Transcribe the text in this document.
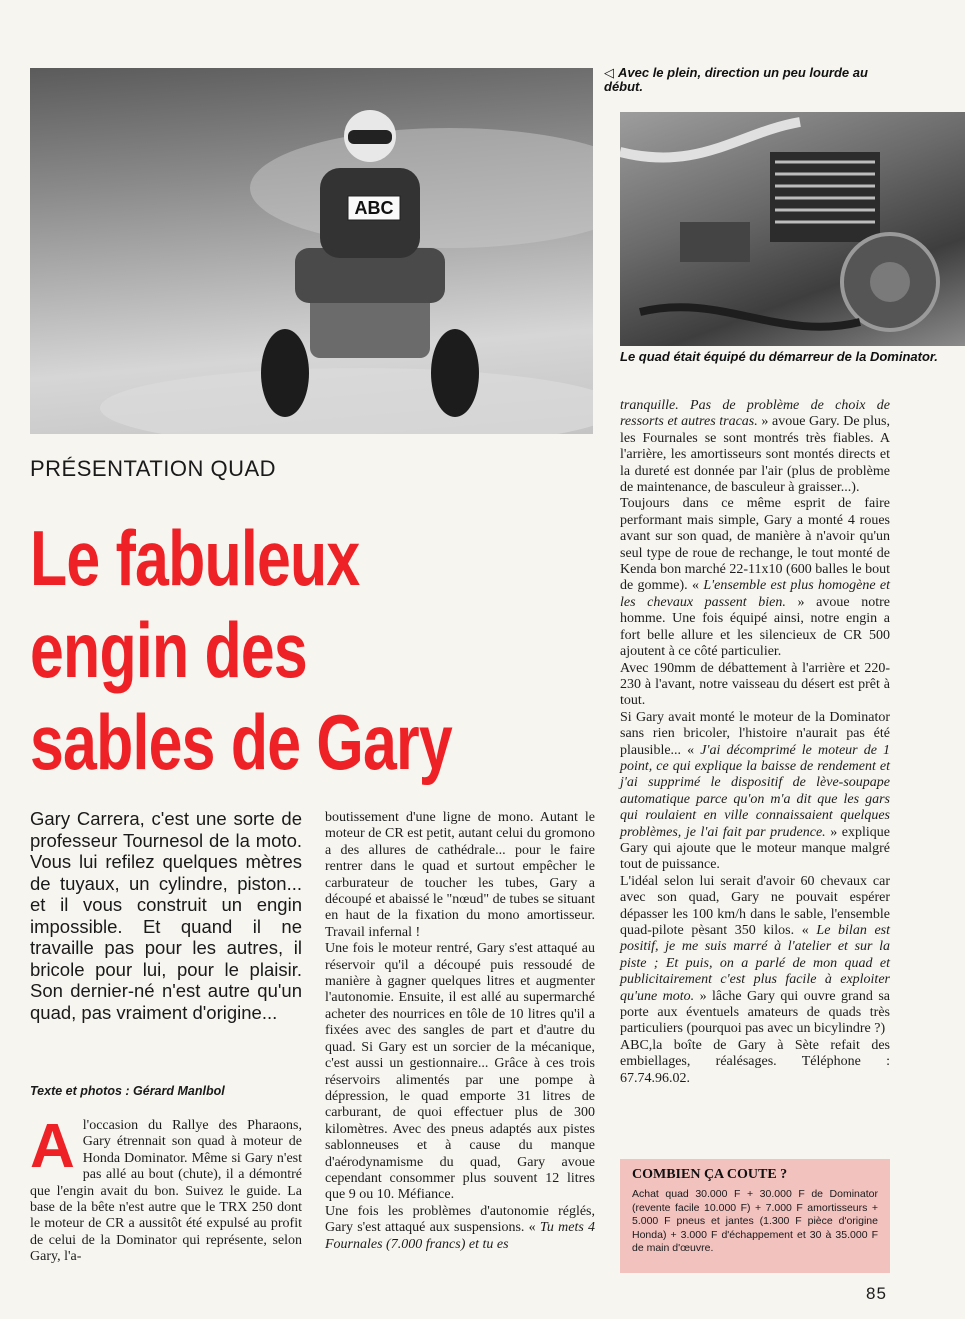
ABC
◁ Avec le plein, direction un peu lourde au début.
Le quad était équipé du démarreur de la Dominator.
PRÉSENTATION QUAD
Le fabuleux engin des sables de Gary
Gary Carrera, c'est une sorte de professeur Tournesol de la moto. Vous lui refilez quelques mètres de tuyaux, un cylindre, piston... et il vous construit un engin impossible. Et quand il ne travaille pas pour les autres, il bricole pour lui, pour le plaisir. Son dernier-né n'est autre qu'un quad, pas vraiment d'origine...
Texte et photos : Gérard Manlbol
A l'occasion du Rallye des Pharaons, Gary étrennait son quad à moteur de Honda Dominator. Même si Gary n'est pas allé au bout (chute), il a démontré que l'engin avait du bon. Suivez le guide. La base de la bête n'est autre que le TRX 250 dont le moteur de CR a aussitôt été expulsé au profit de celui de la Dominator qui représente, selon Gary, l'a-

boutissement d'une ligne de mono. Autant le moteur de CR est petit, autant celui du gromono a des allures de cathédrale... pour le faire rentrer dans le quad et surtout empêcher le carburateur de toucher les tubes, Gary a découpé et abaissé le "nœud" de tubes se situant en haut de la fixation du mono amortisseur. Travail infernal !

Une fois le moteur rentré, Gary s'est attaqué au réservoir qu'il a découpé puis ressoudé de manière à gagner quelques litres et augmenter l'autonomie. Ensuite, il est allé au supermarché acheter des nourrices en tôle de 10 litres qu'il a fixées avec des sangles de part et d'autre du quad. Si Gary est un sorcier de la mécanique, c'est aussi un gestionnaire... Grâce à ces trois réservoirs alimentés par une pompe à dépression, le quad emporte 31 litres de carburant, de quoi effectuer plus de 300 kilomètres. Avec des pneus adaptés aux pistes sablonneuses et à cause du manque d'aérodynamisme du quad, Gary avoue cependant consommer plus souvent 12 litres que 9 ou 10. Méfiance.

Une fois les problèmes d'autonomie réglés, Gary s'est attaqué aux suspensions. « Tu mets 4 Fournales (7.000 francs) et tu es

tranquille. Pas de problème de choix de ressorts et autres tracas. » avoue Gary. De plus, les Fournales se sont montrés très fiables. A l'arrière, les amortisseurs sont montés directs et la dureté est donnée par l'air (plus de problème de maintenance, de basculeur à graisser...).

Toujours dans ce même esprit de faire performant mais simple, Gary a monté 4 roues avant sur son quad, de manière à n'avoir qu'un seul type de roue de rechange, le tout monté de Kenda bon marché 22-11x10 (600 balles le bout de gomme). « L'ensemble est plus homogène et les chevaux passent bien. » avoue notre homme. Une fois équipé ainsi, notre engin a fort belle allure et les silencieux de CR 500 ajoutent à ce côté particulier.

Avec 190mm de débattement à l'arrière et 220-230 à l'avant, notre vaisseau du désert est prêt à tout.

Si Gary avait monté le moteur de la Dominator sans rien bricoler, l'histoire n'aurait pas été plausible... « J'ai décomprimé le moteur de 1 point, ce qui explique la baisse de rendement et j'ai supprimé le dispositif de lève-soupape automatique parce qu'on m'a dit que les gars qui roulaient en ville connaissaient quelques problèmes, je l'ai fait par prudence. » explique Gary qui ajoute que le moteur manque malgré tout de puissance.

L'idéal selon lui serait d'avoir 60 chevaux car avec son quad, Gary ne pouvait espérer dépasser les 100 km/h dans le sable, l'ensemble quad-pilote pèsant 350 kilos. « Le bilan est positif, je me suis marré à l'atelier et sur la piste ; Et puis, on a parlé de mon quad et publicitairement c'est plus facile à exploiter qu'une moto. » lâche Gary qui ouvre grand sa porte aux éventuels amateurs de quads très particuliers (pourquoi pas avec un bicylindre ?)

ABC,la boîte de Gary à Sète refait des embiellages, réalésages. Téléphone : 67.74.96.02.

COMBIEN ÇA COUTE ?
Achat quad 30.000 F + 30.000 F de Dominator (revente facile 10.000 F) + 7.000 F amortisseurs + 5.000 F pneus et jantes (1.300 F pièce d'origine Honda) + 3.000 F d'échappement et 30 à 35.000 F de main d'œuvre.
85
